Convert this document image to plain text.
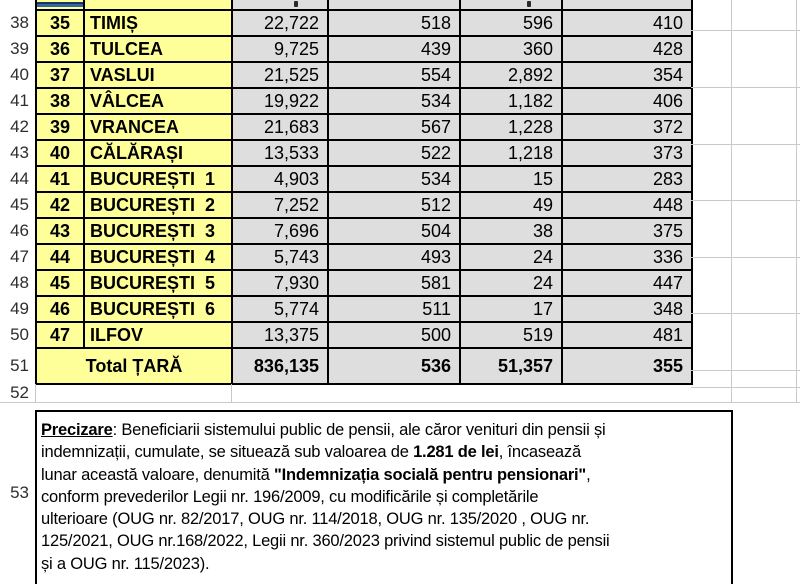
38
39
40
41
42
43
44
45
46
47
48
49
50
51
52
53

35	TIMIȘ	22,722	518	596	410
36	TULCEA	9,725	439	360	428
37	VASLUI	21,525	554	2,892	354
38	VÂLCEA	19,922	534	1,182	406
39	VRANCEA	21,683	567	1,228	372
40	CĂLĂRAȘI	13,533	522	1,218	373
41	BUCUREȘTI  1	4,903	534	15	283
42	BUCUREȘTI  2	7,252	512	49	448
43	BUCUREȘTI  3	7,696	504	38	375
44	BUCUREȘTI  4	5,743	493	24	336
45	BUCUREȘTI  5	7,930	581	24	447
46	BUCUREȘTI  6	5,774	511	17	348
47	ILFOV	13,375	500	519	481
Total ȚARĂ		836,135	536	51,357	355
Precizare: Beneficiarii sistemului public de pensii, ale căror venituri din pensii și
indemnizații, cumulate, se situează sub valoarea de 1.281 de lei, încasează
lunar această valoare, denumită "Indemnizația socială pentru pensionari",
conform prevederilor Legii nr. 196/2009, cu modificările și completările
ulterioare (OUG nr. 82/2017, OUG nr. 114/2018, OUG nr. 135/2020 , OUG nr.
125/2021, OUG nr.168/2022, Legii nr. 360/2023 privind sistemul public de pensii
și a OUG nr. 115/2023).
